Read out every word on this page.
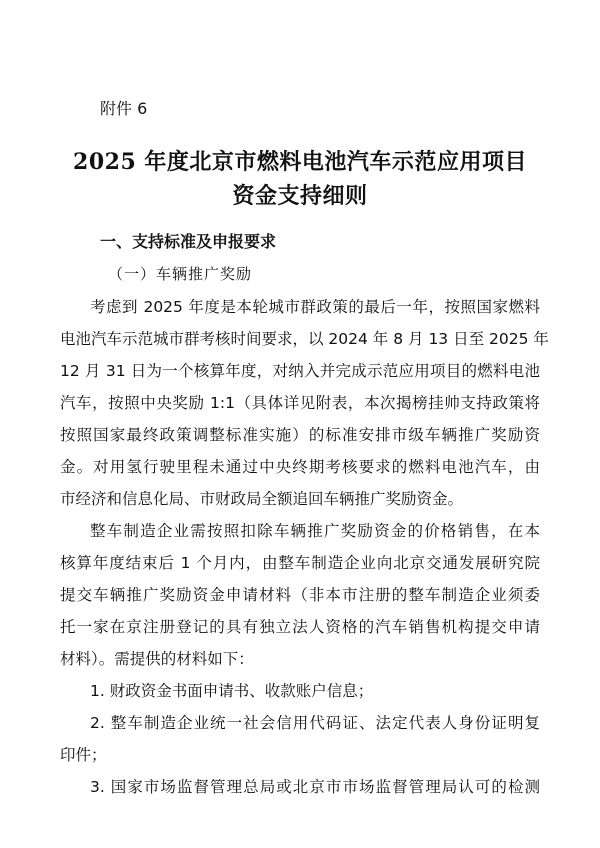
附件 6
2025 年度北京市燃料电池汽车示范应用项目
资金支持细则
一、支持标准及申报要求
（一）车辆推广奖励
考虑到 2025 年度是本轮城市群政策的最后一年，按照国家燃料
电池汽车示范城市群考核时间要求，以 2024 年 8 月 13 日至 2025 年
12 月 31 日为一个核算年度，对纳入并完成示范应用项目的燃料电池
汽车，按照中央奖励 1:1（具体详见附表，本次揭榜挂帅支持政策将
按照国家最终政策调整标准实施）的标准安排市级车辆推广奖励资
金。对用氢行驶里程未通过中央终期考核要求的燃料电池汽车，由
市经济和信息化局、市财政局全额追回车辆推广奖励资金。
整车制造企业需按照扣除车辆推广奖励资金的价格销售，在本
核算年度结束后 1 个月内，由整车制造企业向北京交通发展研究院
提交车辆推广奖励资金申请材料（非本市注册的整车制造企业须委
托一家在京注册登记的具有独立法人资格的汽车销售机构提交申请
材料）。需提供的材料如下：
1. 财政资金书面申请书、收款账户信息；
2. 整车制造企业统一社会信用代码证、法定代表人身份证明复
印件；
3. 国家市场监督管理总局或北京市市场监督管理局认可的检测
